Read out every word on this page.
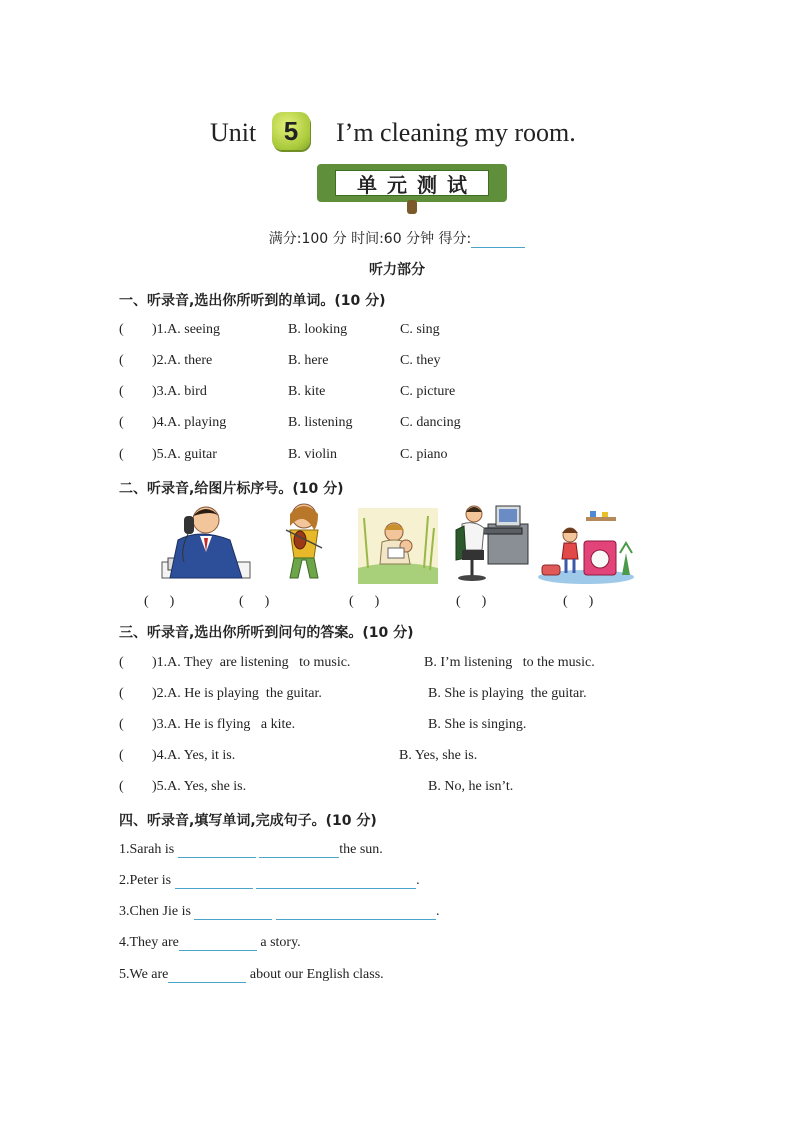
Unit	5	I’m cleaning my room.
单元测试
满分:100 分 时间:60 分钟 得分:
听力部分
一、听录音,选出你所听到的单词。(10 分)
( )1.A. seeing	B. looking	C. sing
( )2.A. there	B. here	C. they
( )3.A. bird	B. kite	C. picture
( )4.A. playing	B. listening	C. dancing
( )5.A. guitar	B. violin	C. piano
二、听录音,给图片标序号。(10 分)
(      )	(      )	(      )	(      )	(      )
三、听录音,选出你所听到问句的答案。(10 分)
( )1.A. They  are listening   to music.	B. I’m listening   to the music.
( )2.A. He is playing  the guitar.	B. She is playing  the guitar.
( )3.A. He is flying   a kite.	B. She is singing.
( )4.A. Yes, it is.	B. Yes, she is.
( )5.A. Yes, she is.	B. No, he isn’t.
四、听录音,填写单词,完成句子。(10 分)
1.Sarah is	the sun.
2.Peter is	.
3.Chen Jie is	.
4.They are	a story.
5.We are	about our English class.
